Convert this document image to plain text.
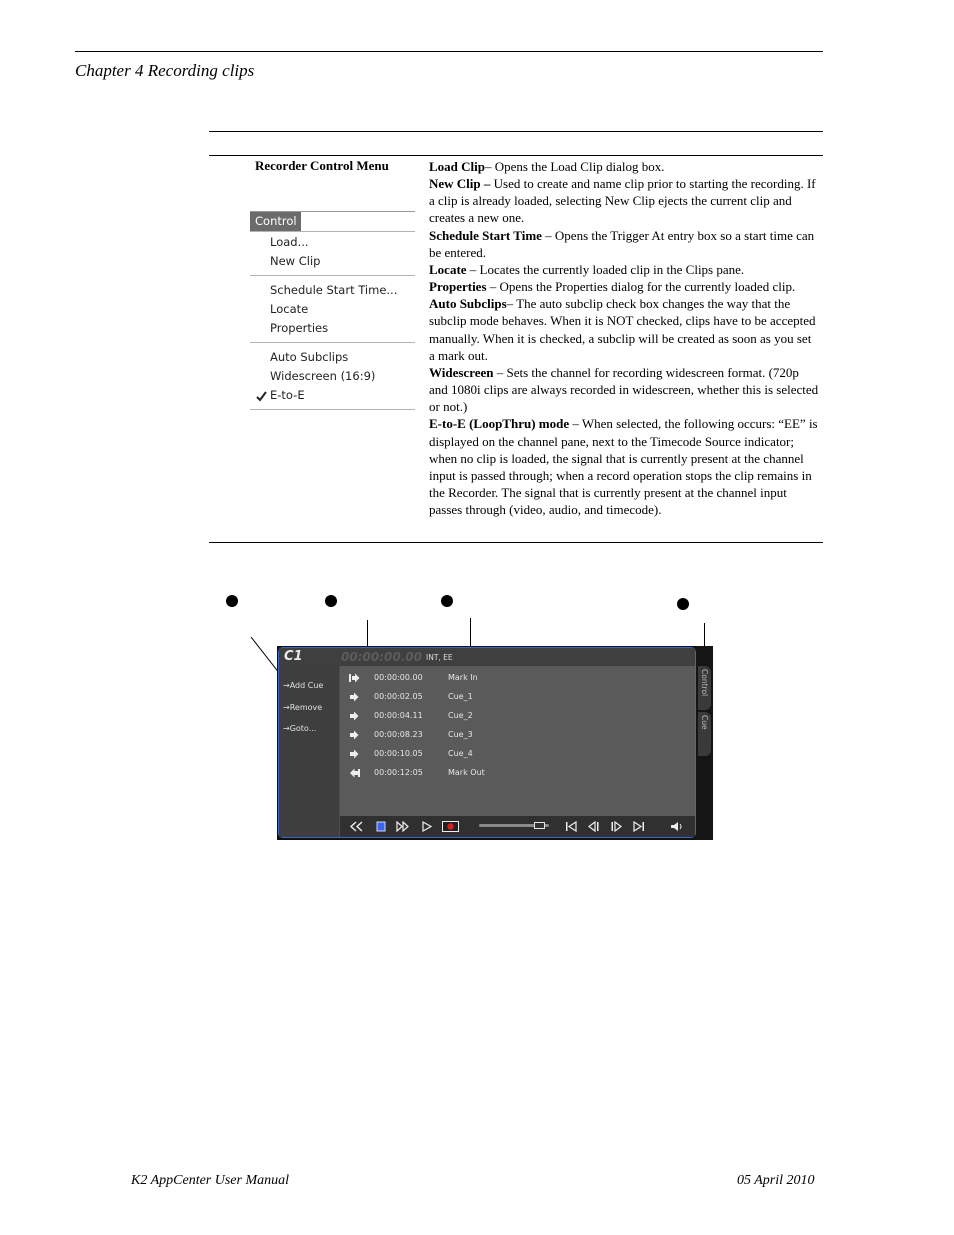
Chapter 4 Recording clips
Recorder Control Menu
Control
Load...
New Clip
Schedule Start Time...
Locate
Properties
Auto Subclips
Widescreen (16:9)
E-to-E

Load Clip– Opens the Load Clip dialog box.

New Clip – Used to create and name clip prior to starting the recording. If a clip is already loaded, selecting New Clip ejects the current clip and creates a new one.

Schedule Start Time – Opens the Trigger At entry box so a start time can be entered.

Locate – Locates the currently loaded clip in the Clips pane.

Properties – Opens the Properties dialog for the currently loaded clip.

Auto Subclips– The auto subclip check box changes the way that the subclip mode behaves. When it is NOT checked, clips have to be accepted manually. When it is checked, a subclip will be created as soon as you set a mark out.

Widescreen – Sets the channel for recording widescreen format. (720p and 1080i clips are always recorded in widescreen, whether this is selected or not.)

E-to-E (LoopThru) mode – When selected, the following occurs: “EE” is displayed on the channel pane, next to the Timecode Source indicator; when no clip is loaded, the signal that is currently present at the channel input is passed through; when a record operation stops the clip remains in the Recorder. The signal that is currently present at the channel input passes through (video, audio, and timecode).

C1	00:00:00.00 INT, EE
→Add Cue
→Remove
→Goto...
00:00:00.00	Mark In
00:00:02.05	Cue_1
00:00:04.11	Cue_2
00:00:08.23	Cue_3
00:00:10.05	Cue_4
00:00:12:05	Mark Out
Control
Cue
K2 AppCenter User Manual	05 April 2010
